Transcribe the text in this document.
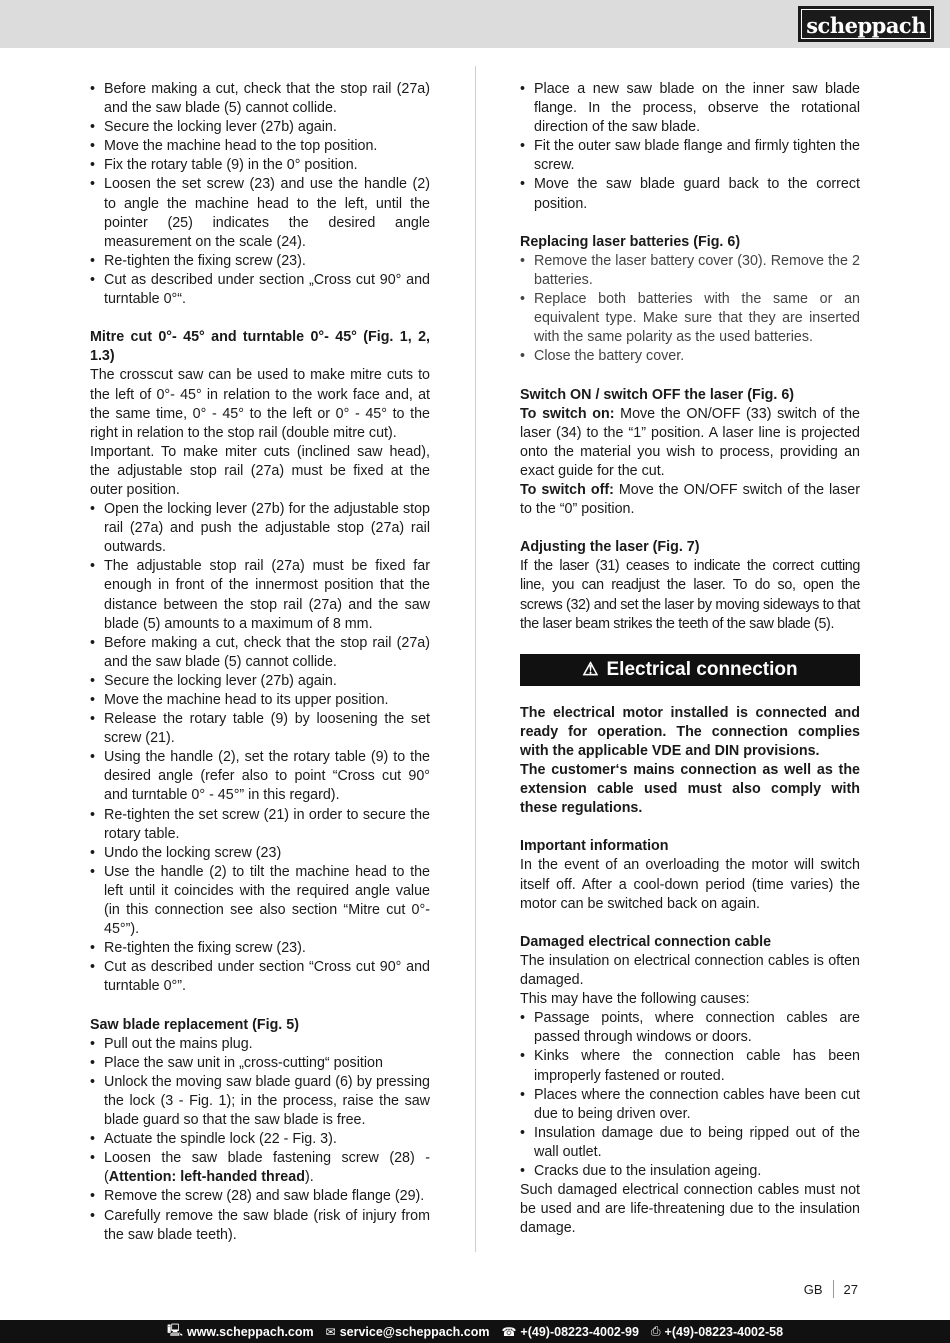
scheppach
• Before making a cut, check that the stop rail (27a) and the saw blade (5) cannot collide.
• Secure the locking lever (27b) again.
• Move the machine head to the top position.
• Fix the rotary table (9) in the 0° position.
• Loosen the set screw (23) and use the handle (2) to angle the machine head to the left, until the pointer (25) indicates the desired angle measurement on the scale (24).
• Re-tighten the fixing screw (23).
• Cut as described under section „Cross cut 90° and turntable 0°“.

Mitre cut 0°- 45° and turntable 0°- 45° (Fig. 1, 2, 1.3)

The crosscut saw can be used to make mitre cuts to the left of 0°- 45° in relation to the work face and, at the same time, 0° - 45° to the left or 0° - 45° to the right in relation to the stop rail (double mitre cut).

Important. To make miter cuts (inclined saw head), the adjustable stop rail (27a) must be fixed at the outer position.

• Open the locking lever (27b) for the adjustable stop rail (27a) and push the adjustable stop (27a) rail outwards.
• The adjustable stop rail (27a) must be fixed far enough in front of the innermost position that the distance between the stop rail (27a) and the saw blade (5) amounts to a maximum of 8 mm.
• Before making a cut, check that the stop rail (27a) and the saw blade (5) cannot collide.
• Secure the locking lever (27b) again.
• Move the machine head to its upper position.
• Release the rotary table (9) by loosening the set screw (21).
• Using the handle (2), set the rotary table (9) to the desired angle (refer also to point “Cross cut 90° and turntable 0° - 45°” in this regard).
• Re-tighten the set screw (21) in order to secure the rotary table.
• Undo the locking screw (23)
• Use the handle (2) to tilt the machine head to the left until it coincides with the required angle value (in this connection see also section “Mitre cut 0°- 45°”).
• Re-tighten the fixing screw (23).
• Cut as described under section “Cross cut 90° and turntable 0°”.

Saw blade replacement (Fig. 5)

• Pull out the mains plug.
• Place the saw unit in „cross-cutting“ position
• Unlock the moving saw blade guard (6) by pressing the lock (3 - Fig. 1); in the process, raise the saw blade guard so that the saw blade is free.
• Actuate the spindle lock (22 - Fig. 3).
• Loosen the saw blade fastening screw (28) - (Attention: left-handed thread).
• Remove the screw (28) and saw blade flange (29).
• Carefully remove the saw blade (risk of injury from the saw blade teeth).
• Place a new saw blade on the inner saw blade flange. In the process, observe the rotational direction of the saw blade.
• Fit the outer saw blade flange and firmly tighten the screw.
• Move the saw blade guard back to the correct position.

Replacing laser batteries (Fig. 6)

• Remove the laser battery cover (30). Remove the 2 batteries.
• Replace both batteries with the same or an equivalent type. Make sure that they are inserted with the same polarity as the used batteries.
• Close the battery cover.

Switch ON / switch OFF the laser (Fig. 6)

To switch on: Move the ON/OFF (33) switch of the laser (34) to the “1” position. A laser line is projected onto the material you wish to process, providing an exact guide for the cut.

To switch off: Move the ON/OFF switch of the laser to the “0” position.

Adjusting the laser (Fig. 7)

If the laser (31) ceases to indicate the correct cutting line, you can readjust the laser. To do so, open the screws (32) and set the laser by moving sideways to that the laser beam strikes the teeth of the saw blade (5).

⚠ Electrical connection

The electrical motor installed is connected and ready for operation. The connection complies with the applicable VDE and DIN provisions.

The customer‘s mains connection as well as the extension cable used must also comply with these regulations.

Important information

In the event of an overloading the motor will switch itself off. After a cool-down period (time varies) the motor can be switched back on again.

Damaged electrical connection cable

The insulation on electrical connection cables is often damaged.

This may have the following causes:

• Passage points, where connection cables are passed through windows or doors.
• Kinks where the connection cable has been improperly fastened or routed.
• Places where the connection cables have been cut due to being driven over.
• Insulation damage due to being ripped out of the wall outlet.
• Cracks due to the insulation ageing.

Such damaged electrical connection cables must not be used and are life-threatening due to the insulation damage.

GB 27
🖳 www.scheppach.com ✉ service@scheppach.com ☎ +(49)-08223-4002-99 ⎙ +(49)-08223-4002-58
